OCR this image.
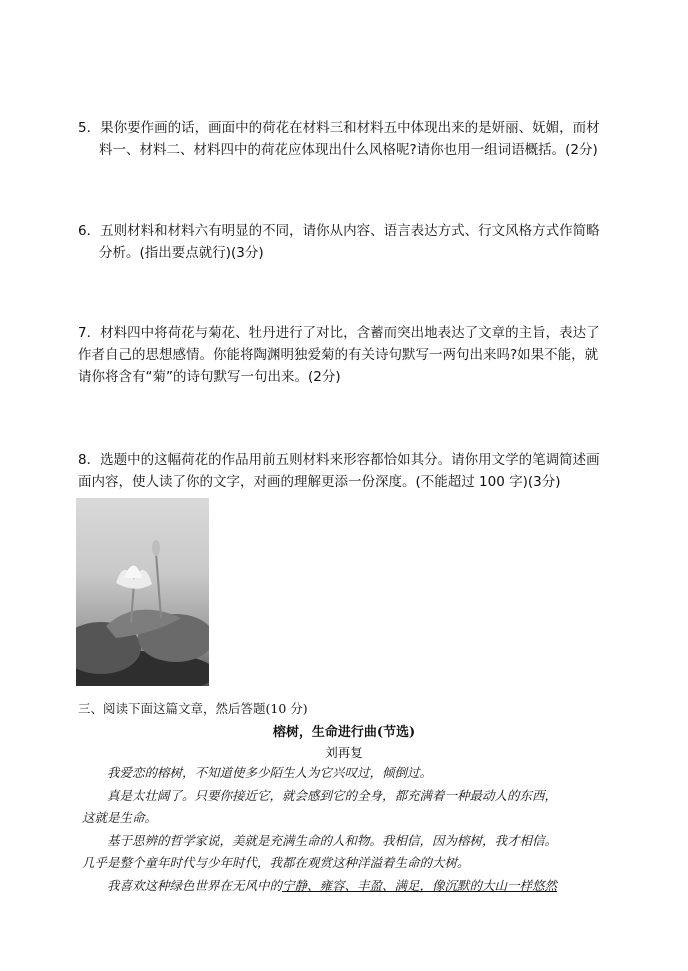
5．果你要作画的话，画面中的荷花在材料三和材料五中体现出来的是妍丽、妩媚，而材

料一、材料二、材料四中的荷花应体现出什么风格呢?请你也用一组词语概括。(2分)

6．五则材料和材料六有明显的不同，请你从内容、语言表达方式、行文风格方式作简略

分析。(指出要点就行)(3分)

7．材料四中将荷花与菊花、牡丹进行了对比，含蓄而突出地表达了文章的主旨，表达了

作者自己的思想感情。你能将陶渊明独爱菊的有关诗句默写一两句出来吗?如果不能，就

请你将含有“菊”的诗句默写一句出来。(2分)

8．选题中的这幅荷花的作品用前五则材料来形容都恰如其分。请你用文学的笔调简述画

面内容，使人读了你的文字，对画的理解更添一份深度。(不能超过 100 字)(3分)

三、阅读下面这篇文章，然后答题(10 分)
榕树，生命进行曲(节选)
刘再复

我爱恋的榕树，不知道使多少陌生人为它兴叹过，倾倒过。

真是太壮阔了。只要你接近它，就会感到它的全身，都充满着一种最动人的东西，

这就是生命。

基于思辨的哲学家说，美就是充满生命的人和物。我相信，因为榕树，我才相信。

几乎是整个童年时代与少年时代，我都在观赏这种洋溢着生命的大树。

我喜欢这种绿色世界在无风中的宁静、雍容、丰盈、满足，像沉默的大山一样悠然
